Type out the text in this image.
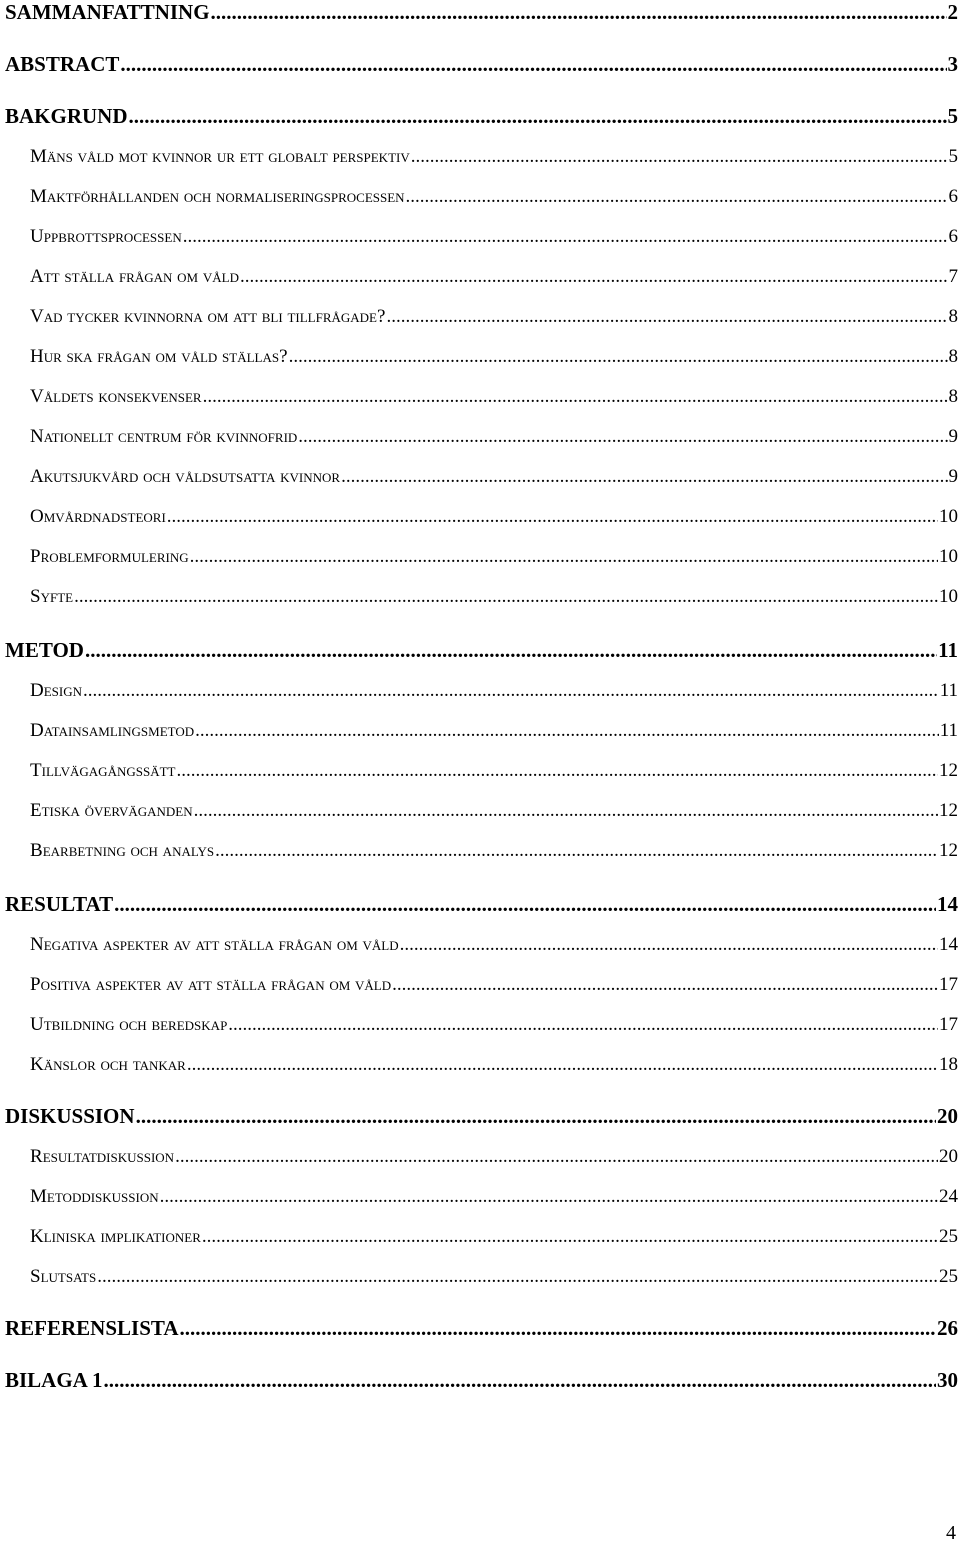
SAMMANFATTNING .....	2
ABSTRACT .....	3
BAKGRUND .....	5
Mäns våld mot kvinnor ur ett globalt perspektiv .....	5
Maktförhållanden och normaliseringsprocessen .....	6
Uppbrottsprocessen .....	6
Att ställa frågan om våld .....	7
Vad tycker kvinnorna om att bli tillfrågade? .....	8
Hur ska frågan om våld ställas? .....	8
Våldets konsekvenser .....	8
Nationellt centrum för kvinnofrid .....	9
Akutsjukvård och våldsutsatta kvinnor .....	9
Omvårdnadsteori .....	10
Problemformulering .....	10
Syfte .....	10
METOD .....	11
Design .....	11
Datainsamlingsmetod .....	11
Tillvägagångssätt .....	12
Etiska överväganden .....	12
Bearbetning och analys .....	12
RESULTAT .....	14
Negativa aspekter av att ställa frågan om våld .....	14
Positiva aspekter av att ställa frågan om våld .....	17
Utbildning och beredskap .....	17
Känslor och tankar .....	18
DISKUSSION .....	20
Resultatdiskussion .....	20
Metoddiskussion .....	24
Kliniska implikationer .....	25
Slutsats .....	25
REFERENSLISTA .....	26
BILAGA 1 .....	30
4
